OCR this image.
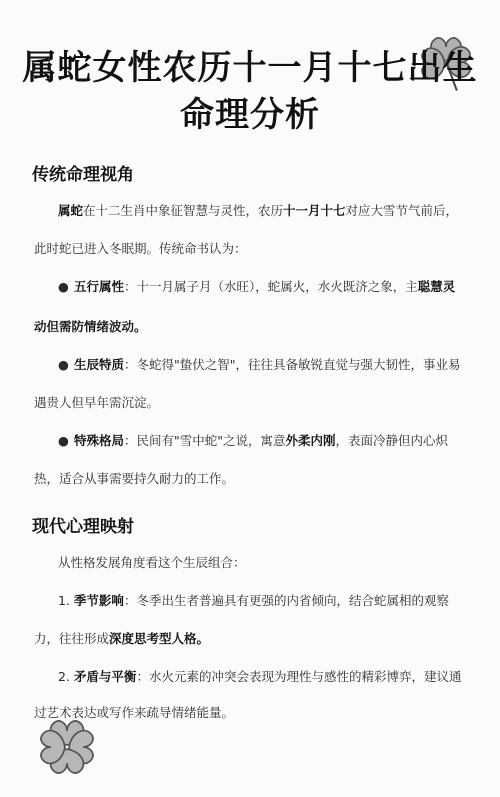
属蛇女性农历十一月十七出生
命理分析
传统命理视角
属蛇在十二生肖中象征智慧与灵性，农历十一月十七对应大雪节气前后，
此时蛇已进入冬眠期。传统命书认为：
● 五行属性：十一月属子月（水旺），蛇属火，水火既济之象，主聪慧灵
动但需防情绪波动。
● 生辰特质：冬蛇得"蛰伏之智"，往往具备敏锐直觉与强大韧性，事业易
遇贵人但早年需沉淀。
● 特殊格局：民间有"雪中蛇"之说，寓意外柔内刚，表面冷静但内心炽
热，适合从事需要持久耐力的工作。
现代心理映射
从性格发展角度看这个生辰组合：
1. 季节影响：冬季出生者普遍具有更强的内省倾向，结合蛇属相的观察
力，往往形成深度思考型人格。
2. 矛盾与平衡：水火元素的冲突会表现为理性与感性的精彩博弈，建议通
过艺术表达或写作来疏导情绪能量。
